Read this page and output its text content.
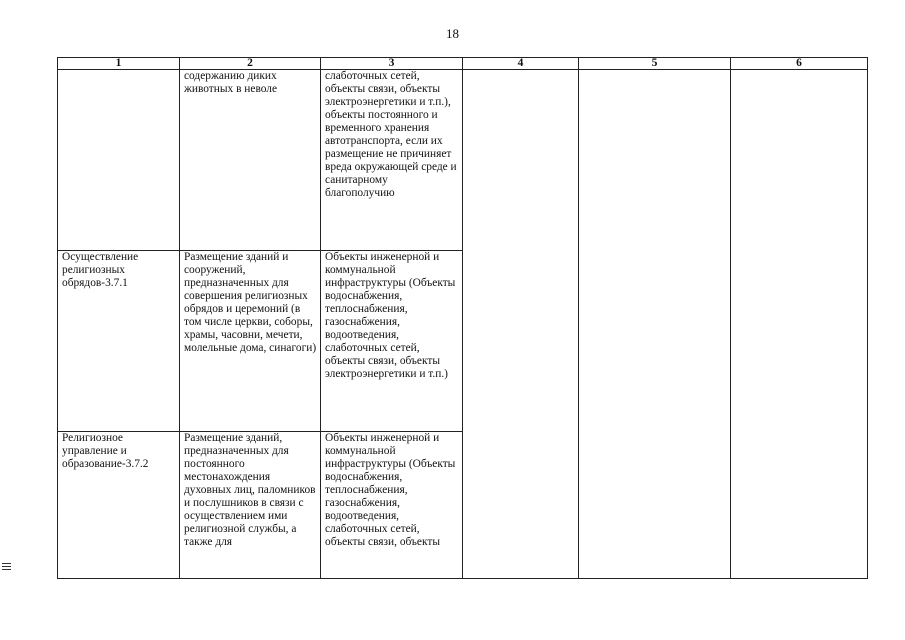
18
1	2	3	4	5	6

	содержанию диких животных в неволе	слаботочных сетей, объекты связи, объекты электроэнергетики и т.п.), объекты постоянного и временного хранения автотранспорта, если их размещение не причиняет вреда окружающей среде и санитарному благополучию			

Осуществление религиозных обрядов-3.7.1	Размещение зданий и сооружений, предназначенных для совершения религиозных обрядов и церемоний (в том числе церкви, соборы, храмы, часовни, мечети, молельные дома, синагоги)	Объекты инженерной и коммунальной инфраструктуры (Объекты водоснабжения, теплоснабжения, газоснабжения, водоотведения, слаботочных сетей, объекты связи, объекты электроэнергетики и т.п.)			

Религиозное управление и образование-3.7.2	Размещение зданий, предназначенных для постоянного местонахождения духовных лиц, паломников и послушников в связи с осуществлением ими религиозной службы, а также для	Объекты инженерной и коммунальной инфраструктуры (Объекты водоснабжения, теплоснабжения, газоснабжения, водоотведения, слаботочных сетей, объекты связи, объекты			
